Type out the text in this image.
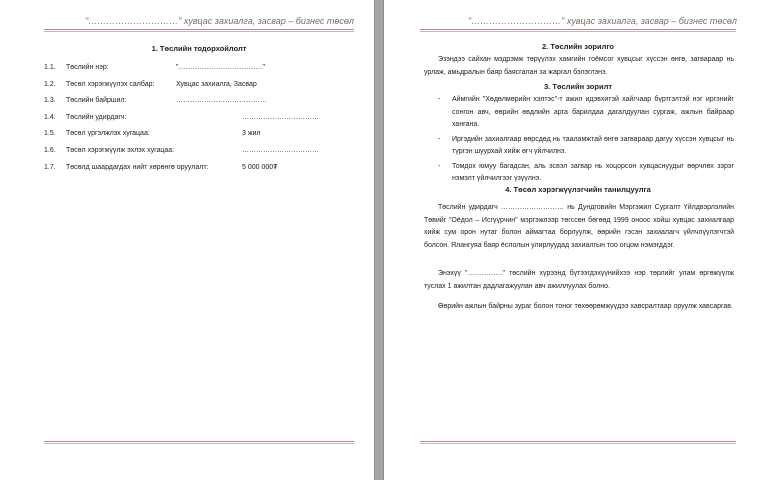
"…………………………" хувцас захиалга, засвар – бизнес төсөл
1. Төслийн тодорхойлолт
1.1. Төслийн нэр:	"………………………………"
1.2. Төсөл хэрэгжүүлэх салбар:	Хувцас захиалга, Засвар
1.3. Төслийн байршил:	…………………………………
1.4. Төслийн удирдагч:	……………………………
1.5. Төсөл үргэлжлэх хугацаа:	3 жил
1.6. Төсөл хэрэгжүүлж эхлэх хугацаа:	……………………………
1.7. Төсөлд шаардагдах нийт хөрөнгө оруулалт:	5 000 000₮
"…………………………" хувцас захиалга, засвар – бизнес төсөл
2. Төслийн зорилго
Эзэндээ сайхан мэдрэмж төрүүлэх хамгийн гоёмсог хувцсыг хүссэн өнгө, загвараар нь урлаж, амьдралын баяр баясгалан за жаргал бэлэглэнэ.
3. Төслийн зорилт
- Аймгийн "Хөдөлмөрийн хэлтэс"-т ажил идэвхитэй хайгчаар бүртгэлтэй нэг иргэнийг сонгон авч, өөрийн өвдлийн арга барилдаа дагалдуулан сургаж, ажлын байраар хангана.
- Иргэдийн захиалгаар өөрсдөд нь тааламжтай өнгө загвараар дагуу хүссэн хувцсыг нь түргэн шуурхай хийж өгч үйлчилнэ.
- Томдох юмуу багадсан, аль эсвэл загвар нь хоцорсон хувцаснуудыг өөрчлөх зэрэг нэмэлт үйлчилгээг үзүүлнэ.
4. Төсөл хэрэгжүүлэгчийн танилцуулга
Төслийн удирдагч ……………………… нь Дундговийн Мэргэжил Сургалт Үйлдвэрлэлийн Төвийг "Оёдол – Исгүүрчин" мэргэжлээр төгссөн бөгөөд 1999 оноос хойш хувцас захиалгаар хийж сум орон нутаг болон аймагтаа борлуулж, өөрийн гэсэн захиалагч үйлчлүүлэгчтэй болсон. Ялангуяа баяр ёслолын улирлуудад захиалгын тоо огцом нэмэгддэг.
Энэхүү "……………" төслийн хүрээнд бүтээгдэхүүнийхээ нэр төрлийг улам өргөжүүлж туслах 1 ажилтан дадлагажуулан авч ажиллуулах болно.
Өөрийн ажлын байрны зураг болон тоног төхөөрөмжүүдээ хавсралтаар оруулж хавсаргав.
